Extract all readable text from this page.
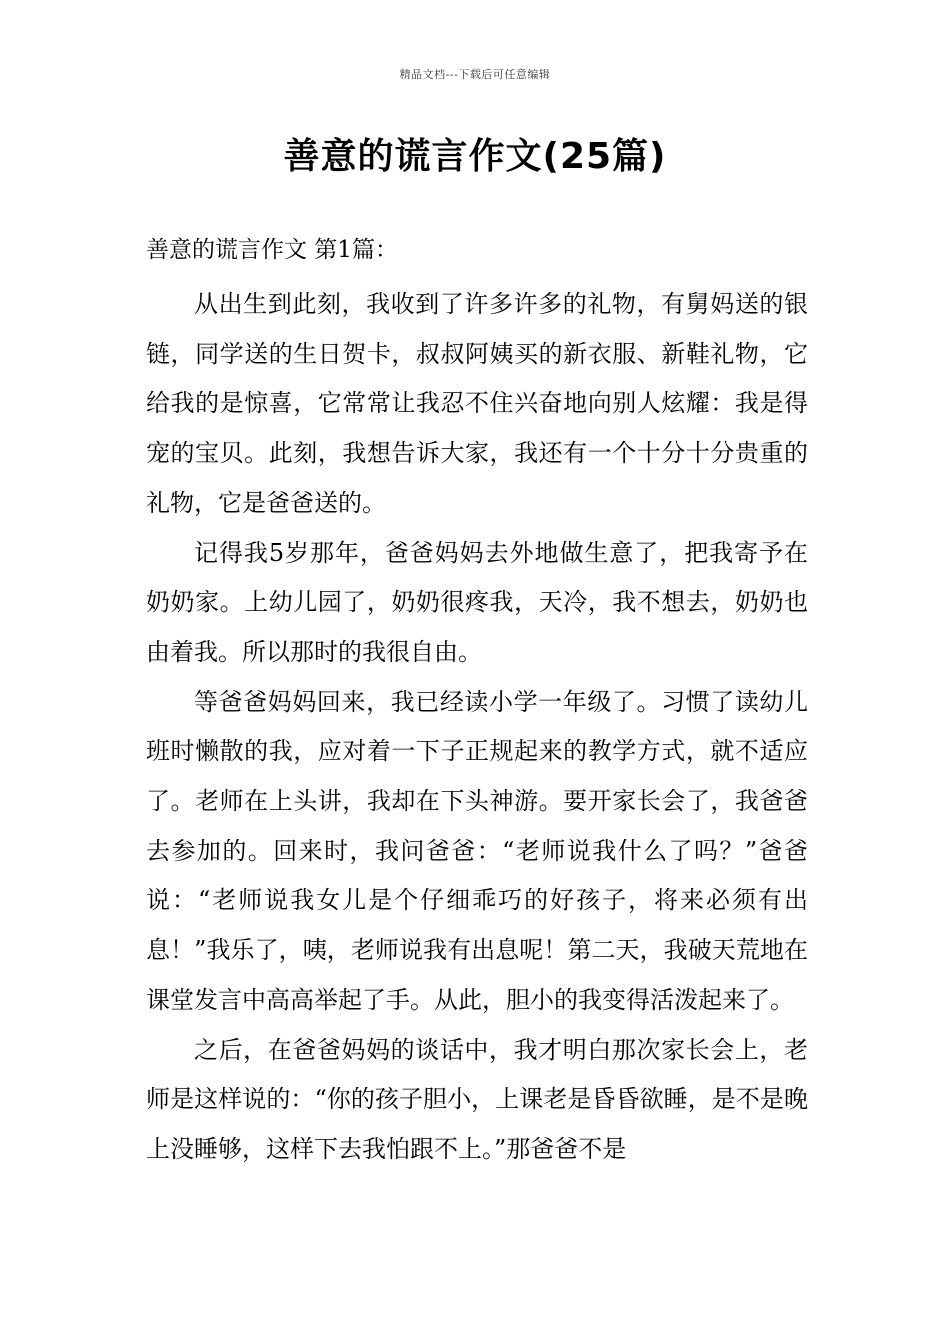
精品文档---下载后可任意编辑
善意的谎言作文(25篇)
善意的谎言作文 第1篇：

从出生到此刻，我收到了许多许多的礼物，有舅妈送的银链，同学送的生日贺卡，叔叔阿姨买的新衣服、新鞋礼物，它给我的是惊喜，它常常让我忍不住兴奋地向别人炫耀：我是得宠的宝贝。此刻，我想告诉大家，我还有一个十分十分贵重的礼物，它是爸爸送的。

记得我5岁那年，爸爸妈妈去外地做生意了，把我寄予在奶奶家。上幼儿园了，奶奶很疼我，天冷，我不想去，奶奶也由着我。所以那时的我很自由。

等爸爸妈妈回来，我已经读小学一年级了。习惯了读幼儿班时懒散的我，应对着一下子正规起来的教学方式，就不适应了。老师在上头讲，我却在下头神游。要开家长会了，我爸爸去参加的。回来时，我问爸爸：“老师说我什么了吗？”爸爸说：“老师说我女儿是个仔细乖巧的好孩子，将来必须有出息！”我乐了，咦，老师说我有出息呢！第二天，我破天荒地在课堂发言中高高举起了手。从此，胆小的我变得活泼起来了。

之后，在爸爸妈妈的谈话中，我才明白那次家长会上，老师是这样说的：“你的孩子胆小，上课老是昏昏欲睡，是不是晚上没睡够，这样下去我怕跟不上。”那爸爸不是
